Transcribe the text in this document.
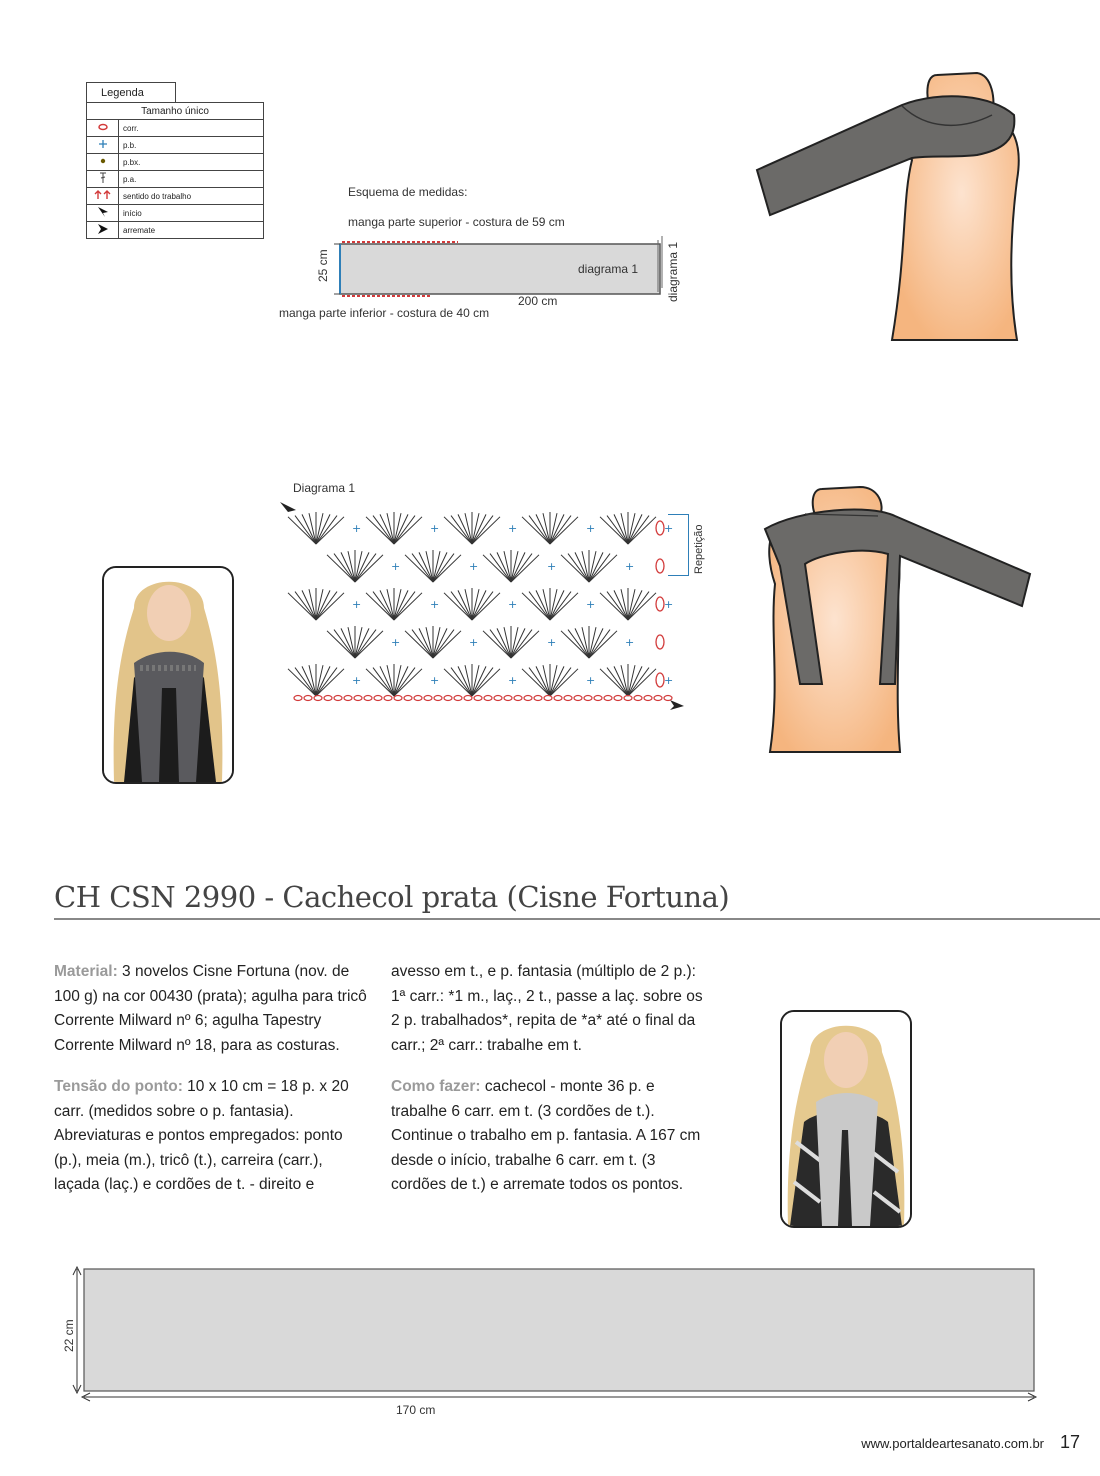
Legenda
Tamanho único	
	corr.
	p.b.
	p.bx.
	p.a.
	sentido do trabalho
	início
	arremate
Esquema de medidas:
manga parte superior - costura de 59 cm
25 cm	diagrama 1 diagrama 1
200 cm
manga parte inferior - costura de 40 cm
Diagrama 1
+	+	+	+	+
+	+	+	+
+	+	+	+	+
+	+	+	+
+	+	+	+	+
Repetição
CH CSN 2990 - Cachecol prata (Cisne Fortuna)

Material: 3 novelos Cisne Fortuna (nov. de 100 g) na cor 00430 (prata); agulha para tricô Corrente Milward nº 6; agulha Tapestry Corrente Milward nº 18, para as costuras.

Tensão do ponto: 10 x 10 cm = 18 p. x 20 carr. (medidos sobre o p. fantasia). Abreviaturas e pontos empregados: ponto (p.), meia (m.), tricô (t.), carreira (carr.), laçada (laç.) e cordões de t. - direito e

avesso em t., e p. fantasia (múltiplo de 2 p.): 1ª carr.: *1 m., laç., 2 t., passe a laç. sobre os 2 p. trabalhados*, repita de *a* até o final da carr.; 2ª carr.: trabalhe em t.

Como fazer: cachecol - monte 36 p. e trabalhe 6 carr. em t. (3 cordões de t.). Continue o trabalho em p. fantasia. A 167 cm desde o início, trabalhe 6 carr. em t. (3 cordões de t.) e arremate todos os pontos.

22 cm
170 cm
www.portaldeartesanato.com.br 17
